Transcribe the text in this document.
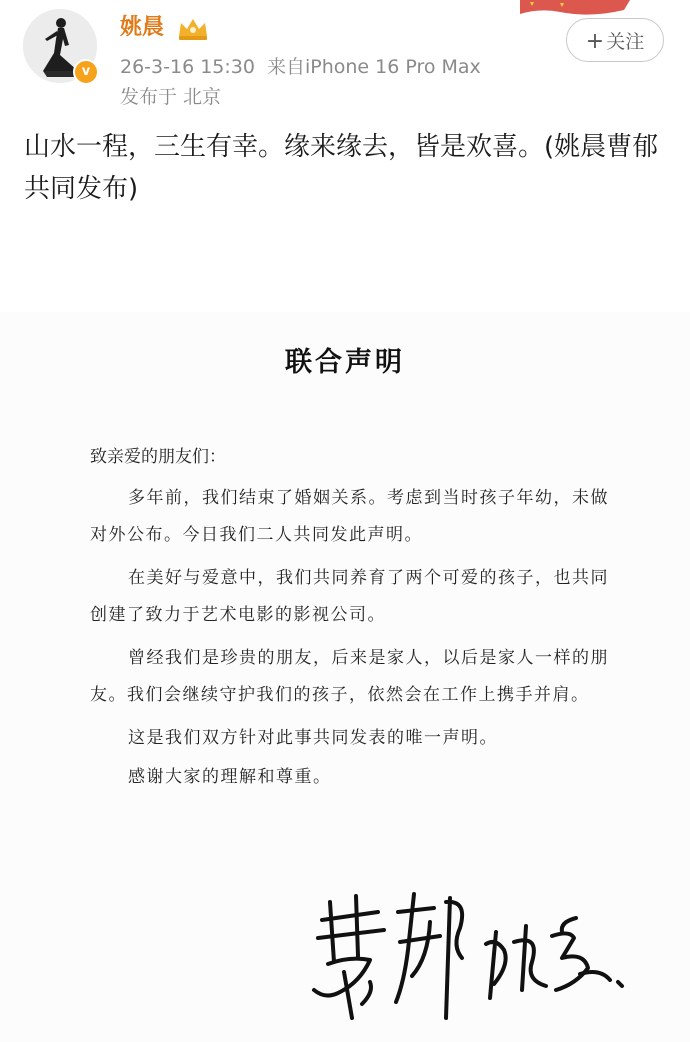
v
姚晨
26-3-16 15:30 来自iPhone 16 Pro Max
发布于 北京
+ 关注
山水一程，三生有幸。缘来缘去，皆是欢喜。(姚晨曹郁共同发布)
联合声明
致亲爱的朋友们：
多年前，我们结束了婚姻关系。考虑到当时孩子年幼，未做对外公布。今日我们二人共同发此声明。
在美好与爱意中，我们共同养育了两个可爱的孩子，也共同创建了致力于艺术电影的影视公司。
曾经我们是珍贵的朋友，后来是家人，以后是家人一样的朋友。我们会继续守护我们的孩子，依然会在工作上携手并肩。
这是我们双方针对此事共同发表的唯一声明。
感谢大家的理解和尊重。
